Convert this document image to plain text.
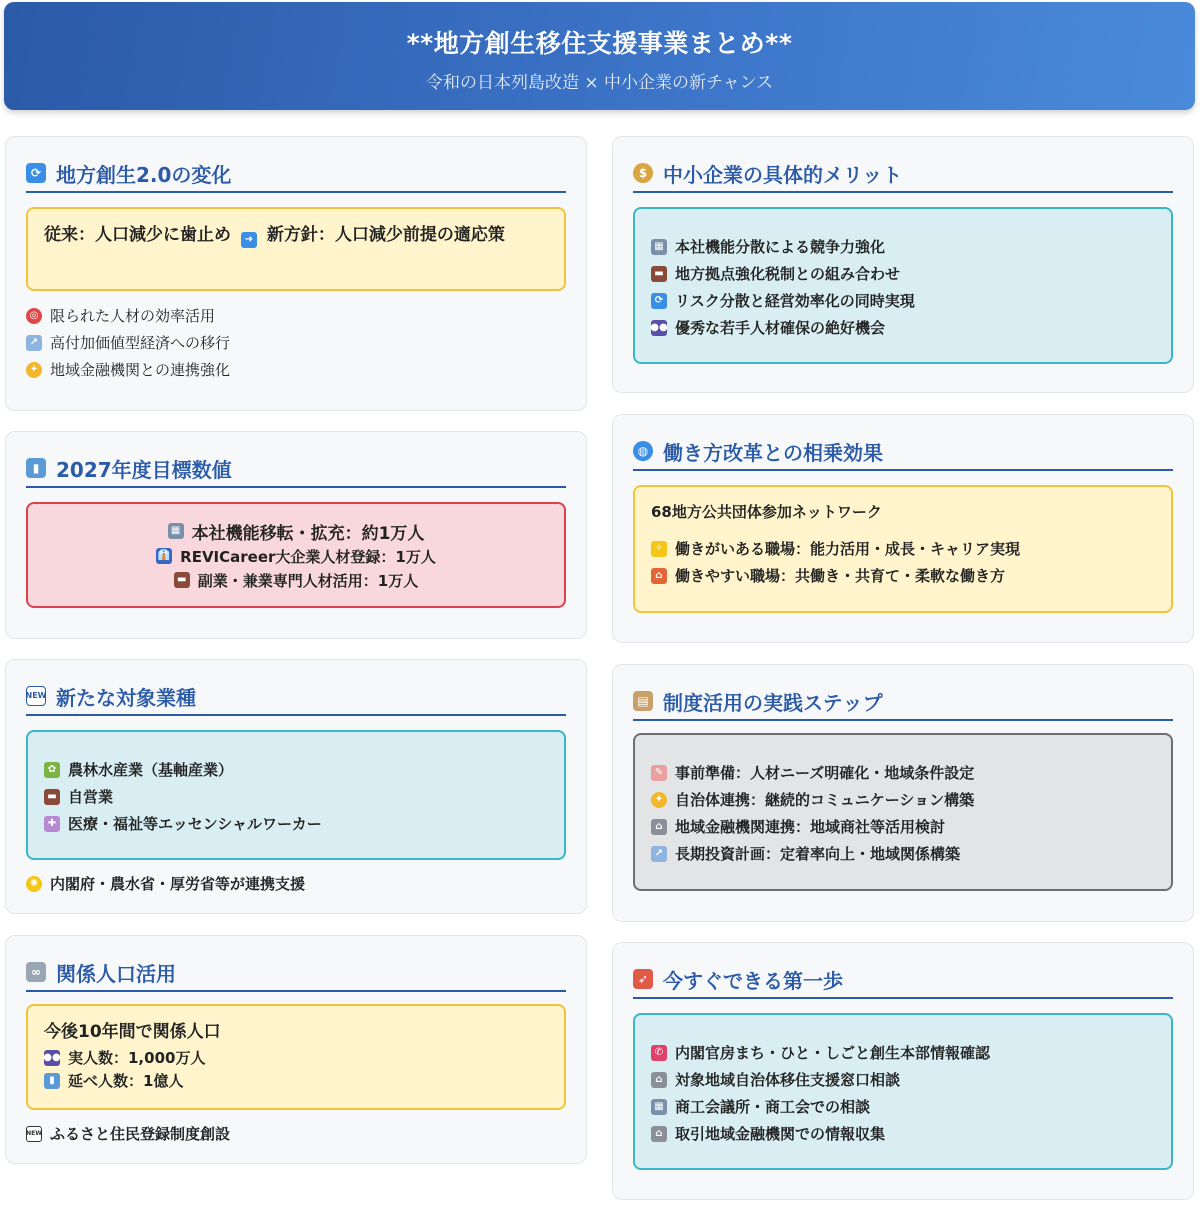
**地方創生移住支援事業まとめ**
令和の日本列島改造 × 中小企業の新チャンス
⟳ 地方創生2.0の変化
従来：人口減少に歯止め ➜ 新方針：人口減少前提の適応策
◎ 限られた人材の効率活用
↗ 高付加価値型経済への移行
✦ 地域金融機関との連携強化
▮ 2027年度目標数値
▦ 本社機能移転・拡充：約1万人
👔 REVICareer大企業人材登録：1万人
▬ 副業・兼業専門人材活用：1万人
NEW 新たな対象業種
✿ 農林水産業（基軸産業）
▬ 自営業
✚ 医療・福祉等エッセンシャルワーカー
✺ 内閣府・農水省・厚労省等が連携支援
∞ 関係人口活用
今後10年間で関係人口
●● 実人数：1,000万人
▮ 延べ人数：1億人
NEW ふるさと住民登録制度創設
$ 中小企業の具体的メリット
▦ 本社機能分散による競争力強化
▬ 地方拠点強化税制との組み合わせ
⟳ リスク分散と経営効率化の同時実現
●● 優秀な若手人材確保の絶好機会
◍ 働き方改革との相乗効果
68地方公共団体参加ネットワーク
✧ 働きがいある職場：能力活用・成長・キャリア実現
⌂ 働きやすい職場：共働き・共育て・柔軟な働き方
▤ 制度活用の実践ステップ
✎ 事前準備：人材ニーズ明確化・地域条件設定
✦ 自治体連携：継続的コミュニケーション構築
⌂ 地域金融機関連携：地域商社等活用検討
↗ 長期投資計画：定着率向上・地域関係構築
➶ 今すぐできる第一歩
✆ 内閣官房まち・ひと・しごと創生本部情報確認
⌂ 対象地域自治体移住支援窓口相談
▦ 商工会議所・商工会での相談
⌂ 取引地域金融機関での情報収集
